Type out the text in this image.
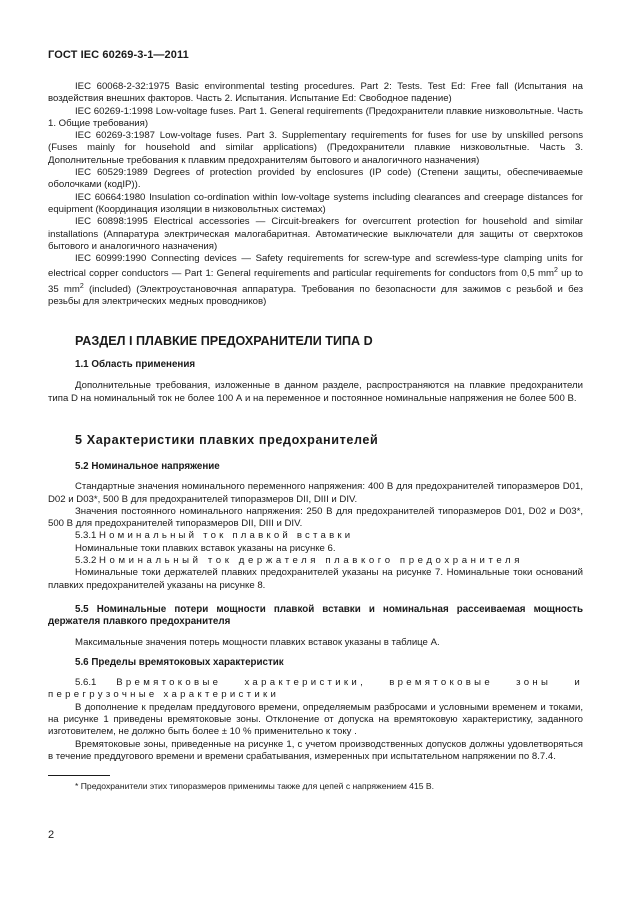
ГОСТ IEC 60269-3-1—2011

IEC 60068-2-32:1975 Basic environmental testing procedures. Part 2: Tests. Test Ed: Free fall (Испытания на воздействия внешних факторов. Часть 2. Испытания. Испытание Ed: Свободное падение)

IEC 60269-1:1998 Low-voltage fuses. Part 1. General requirements (Предохранители плавкие низковольтные. Часть 1. Общие требования)

IEC 60269-3:1987 Low-voltage fuses. Part 3. Supplementary requirements for fuses for use by unskilled persons (Fuses mainly for household and similar applications) (Предохранители плавкие низковольтные. Часть 3. Дополнительные требования к плавким предохранителям бытового и аналогичного назначения)

IEC 60529:1989 Degrees of protection provided by enclosures (IP code) (Степени защиты, обеспечиваемые оболочками (кодIP)).

IEC 60664:1980 Insulation co-ordination within low-voltage systems including clearances and creepage distances for equipment (Координация изоляции в низковольтных системах)

IEC 60898:1995 Electrical accessories — Circuit-breakers for overcurrent protection for household and similar installations (Аппаратура электрическая малогабаритная. Автоматические выключатели для защиты от сверхтоков бытового и аналогичного назначения)

IEC 60999:1990 Connecting devices — Safety requirements for screw-type and screwless-type clamping units for electrical copper conductors — Part 1: General requirements and particular requirements for conductors from 0,5 $mm^2$ up to 35 $mm^2$ (included) (Электроустановочная аппаратура. Требования по безопасности для зажимов с резьбой и без резьбы для электрических медных проводников)

РАЗДЕЛ I ПЛАВКИЕ ПРЕДОХРАНИТЕЛИ ТИПА D

1.1 Область применения

Дополнительные требования, изложенные в данном разделе, распространяются на плавкие предохранители типа D на номинальный ток не более 100 А и на переменное и постоянное номинальные напряжения не более 500 В.

5 Характеристики плавких предохранителей

5.2 Номинальное напряжение

Стандартные значения номинального переменного напряжения: 400 В для предохранителей типоразмеров D01, D02 и D03*, 500 В для предохранителей типоразмеров DII, DIII и DIV.

Значения постоянного номинального напряжения: 250 В для предохранителей типоразмеров D01, D02 и D03*, 500 В для предохранителей типоразмеров DII, DIII и DIV.

5.3.1 Номинальный ток плавкой вставки

Номинальные токи плавких вставок указаны на рисунке 6.

5.3.2 Номинальный ток держателя плавкого предохранителя

Номинальные токи держателей плавких предохранителей указаны на рисунке 7. Номинальные токи оснований плавких предохранителей указаны на рисунке 8.

5.5 Номинальные потери мощности плавкой вставки и номинальная рассеиваемая мощность держателя плавкого предохранителя

Максимальные значения потерь мощности плавких вставок указаны в таблице А.

5.6 Пределы времятоковых характеристик

5.6.1 Времятоковые характеристики, времятоковые зоны и перегрузочные характеристики

В дополнение к пределам преддугового времени, определяемым разбросами и условными временем и токами, на рисунке 1 приведены времятоковые зоны. Отклонение от допуска на времятоковую характеристику, заданного изготовителем, не должно быть более ± 10 % применительно к току .

Времятоковые зоны, приведенные на рисунке 1, с учетом производственных допусков должны удовлетворяться в течение преддугового времени и времени срабатывания, измеренных при испытательном напряжении по 8.7.4.

* Предохранители этих типоразмеров применимы также для цепей с напряжением 415 В.
2
